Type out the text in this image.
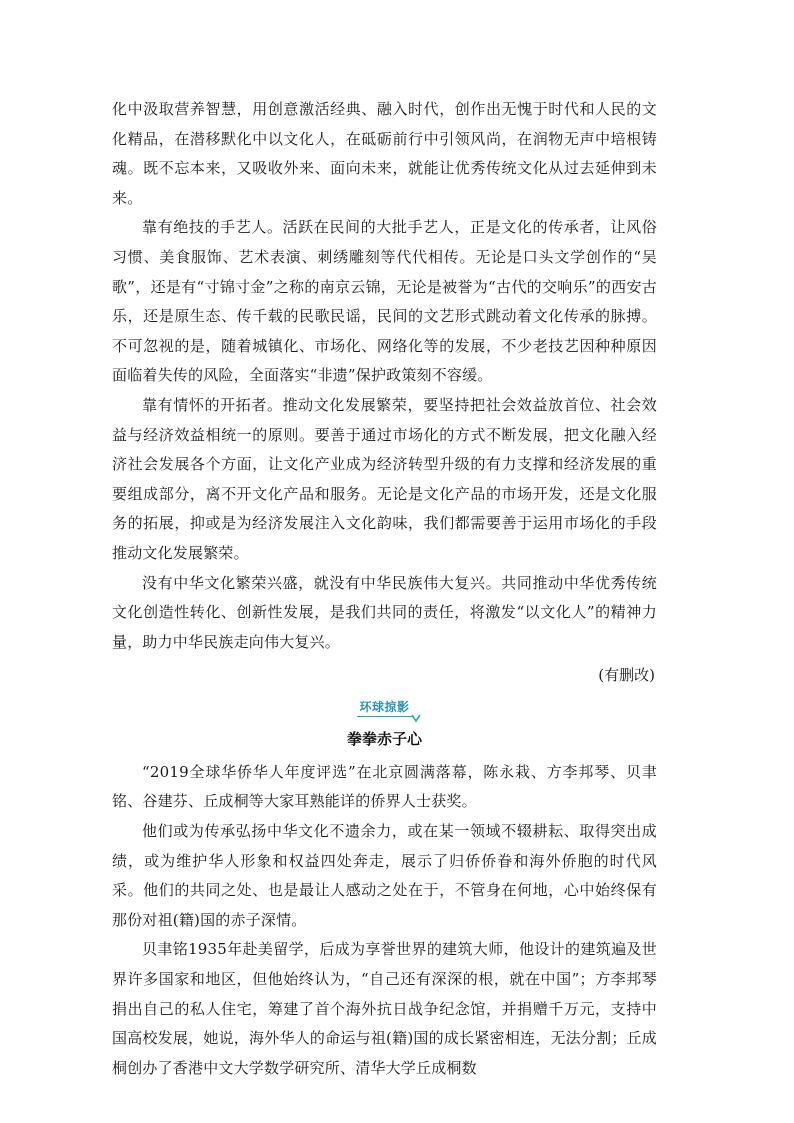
化中汲取营养智慧，用创意激活经典、融入时代，创作出无愧于时代和人民的文化精品，在潜移默化中以文化人，在砥砺前行中引领风尚，在润物无声中培根铸魂。既不忘本来，又吸收外来、面向未来，就能让优秀传统文化从过去延伸到未来。

靠有绝技的手艺人。活跃在民间的大批手艺人，正是文化的传承者，让风俗习惯、美食服饰、艺术表演、刺绣雕刻等代代相传。无论是口头文学创作的“吴歌”，还是有“寸锦寸金”之称的南京云锦，无论是被誉为“古代的交响乐”的西安古乐，还是原生态、传千载的民歌民谣，民间的文艺形式跳动着文化传承的脉搏。不可忽视的是，随着城镇化、市场化、网络化等的发展，不少老技艺因种种原因面临着失传的风险，全面落实“非遗”保护政策刻不容缓。

靠有情怀的开拓者。推动文化发展繁荣，要坚持把社会效益放首位、社会效益与经济效益相统一的原则。要善于通过市场化的方式不断发展，把文化融入经济社会发展各个方面，让文化产业成为经济转型升级的有力支撑和经济发展的重要组成部分，离不开文化产品和服务。无论是文化产品的市场开发，还是文化服务的拓展，抑或是为经济发展注入文化韵味，我们都需要善于运用市场化的手段推动文化发展繁荣。

没有中华文化繁荣兴盛，就没有中华民族伟大复兴。共同推动中华优秀传统文化创造性转化、创新性发展，是我们共同的责任，将激发“以文化人”的精神力量，助力中华民族走向伟大复兴。

(有删改)

环球掠影
拳拳赤子心

“2019全球华侨华人年度评选”在北京圆满落幕，陈永栽、方李邦琴、贝聿铭、谷建芬、丘成桐等大家耳熟能详的侨界人士获奖。

他们或为传承弘扬中华文化不遗余力，或在某一领域不辍耕耘、取得突出成绩，或为维护华人形象和权益四处奔走，展示了归侨侨眷和海外侨胞的时代风采。他们的共同之处、也是最让人感动之处在于，不管身在何地，心中始终保有那份对祖(籍)国的赤子深情。

贝聿铭1935年赴美留学，后成为享誉世界的建筑大师，他设计的建筑遍及世界许多国家和地区，但他始终认为，“自己还有深深的根，就在中国”；方李邦琴捐出自己的私人住宅，筹建了首个海外抗日战争纪念馆，并捐赠千万元，支持中国高校发展，她说，海外华人的命运与祖(籍)国的成长紧密相连，无法分割；丘成桐创办了香港中文大学数学研究所、清华大学丘成桐数
